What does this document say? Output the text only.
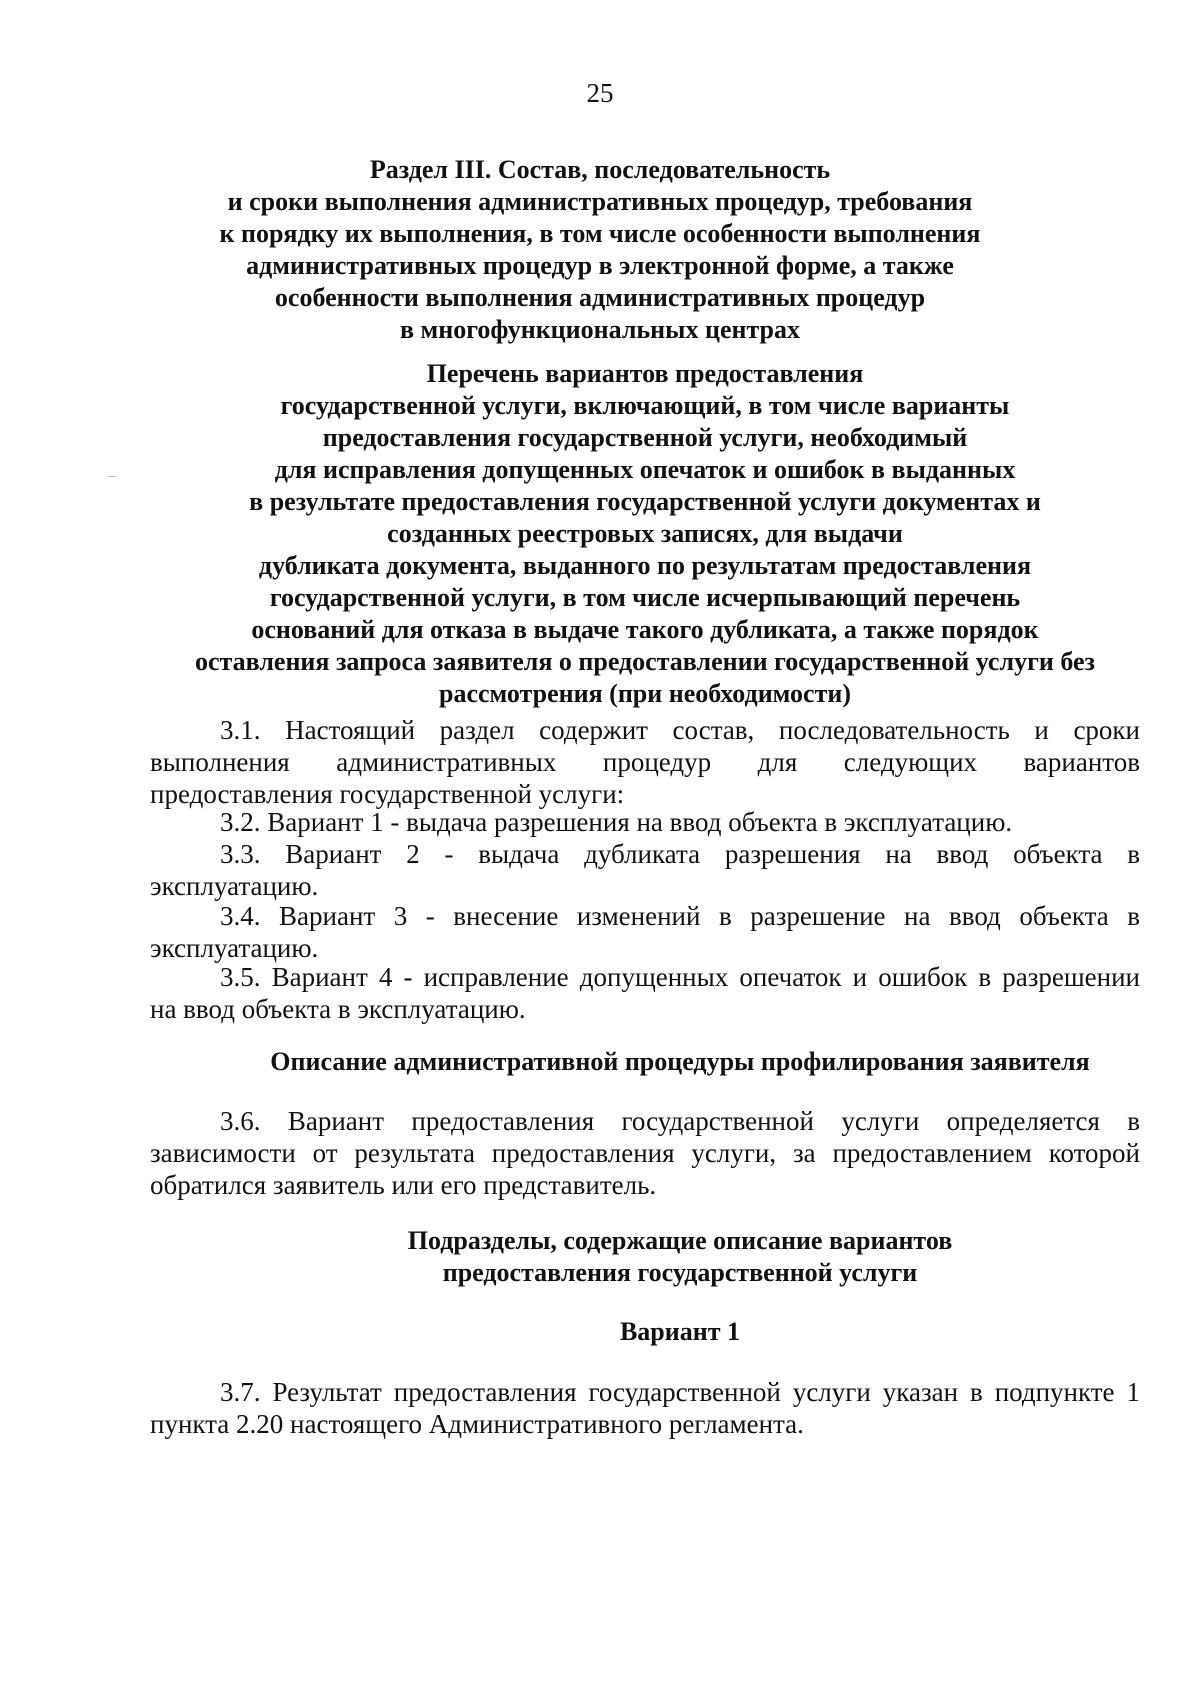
25
Раздел III. Состав, последовательность
и сроки выполнения административных процедур, требования
к порядку их выполнения, в том числе особенности выполнения
административных процедур в электронной форме, а также
особенности выполнения административных процедур
в многофункциональных центрах
Перечень вариантов предоставления
государственной услуги, включающий, в том числе варианты
предоставления государственной услуги, необходимый
для исправления допущенных опечаток и ошибок в выданных
в результате предоставления государственной услуги документах и
созданных реестровых записях, для выдачи
дубликата документа, выданного по результатам предоставления
государственной услуги, в том числе исчерпывающий перечень
оснований для отказа в выдаче такого дубликата, а также порядок
оставления запроса заявителя о предоставлении государственной услуги без
рассмотрения (при необходимости)
3.1. Настоящий раздел содержит состав, последовательность и сроки
выполнения административных процедур для следующих вариантов
предоставления государственной услуги:
3.2. Вариант 1 - выдача разрешения на ввод объекта в эксплуатацию.
3.3. Вариант 2 - выдача дубликата разрешения на ввод объекта в
эксплуатацию.
3.4. Вариант 3 - внесение изменений в разрешение на ввод объекта в
эксплуатацию.
3.5. Вариант 4 - исправление допущенных опечаток и ошибок в разрешении
на ввод объекта в эксплуатацию.
Описание административной процедуры профилирования заявителя
3.6. Вариант предоставления государственной услуги определяется в
зависимости от результата предоставления услуги, за предоставлением которой
обратился заявитель или его представитель.
Подразделы, содержащие описание вариантов
предоставления государственной услуги
Вариант 1
3.7. Результат предоставления государственной услуги указан в подпункте 1
пункта 2.20 настоящего Административного регламента.
